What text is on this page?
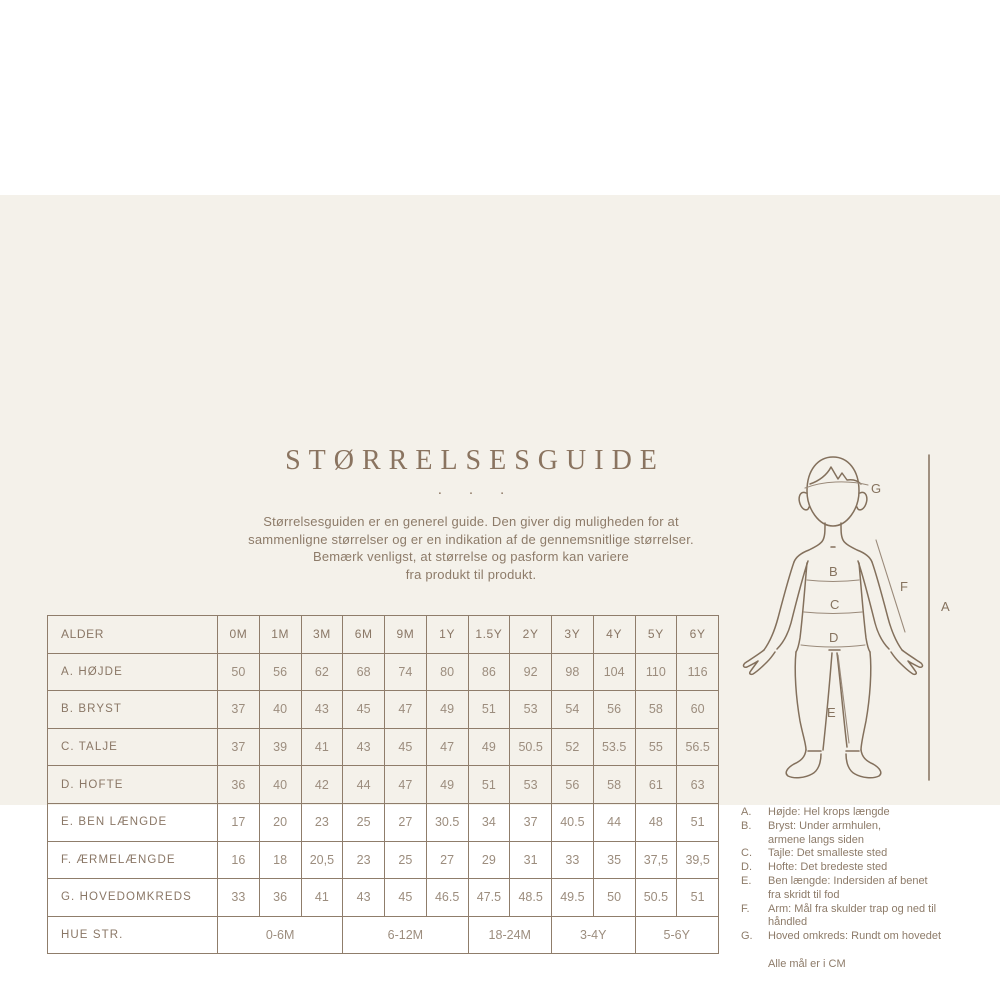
STØRRELSESGUIDE
· · ·
Størrelsesguiden er en generel guide. Den giver dig muligheden for at
sammenligne størrelser og er en indikation af de gennemsnitlige størrelser.
Bemærk venligst, at størrelse og pasform kan variere
fra produkt til produkt.
ALDER	0M	1M	3M	6M	9M	1Y	1.5Y	2Y	3Y	4Y	5Y	6Y
A. HØJDE	50	56	62	68	74	80	86	92	98	104	110	116
B. BRYST	37	40	43	45	47	49	51	53	54	56	58	60
C. TALJE	37	39	41	43	45	47	49	50.5	52	53.5	55	56.5
D. HOFTE	36	40	42	44	47	49	51	53	56	58	61	63
E. BEN LÆNGDE	17	20	23	25	27	30.5	34	37	40.5	44	48	51
F. ÆRMELÆNGDE	16	18	20,5	23	25	27	29	31	33	35	37,5	39,5
G. HOVEDOMKREDS	33	36	41	43	45	46.5	47.5	48.5	49.5	50	50.5	51
HUE STR.	0-6M			6-12M			18-24M		3-4Y		5-6Y	
G
B
C
D
E
F
A
A.	Højde: Hel krops længde
B.	Bryst: Under armhulen,
armene langs siden
C.	Tajle: Det smalleste sted
D.	Hofte: Det bredeste sted
E.	Ben længde: Indersiden af benet
fra skridt til fod
F.	Arm: Mål fra skulder trap og ned til
håndled
G.	Hoved omkreds: Rundt om hovedet
Alle mål er i CM
